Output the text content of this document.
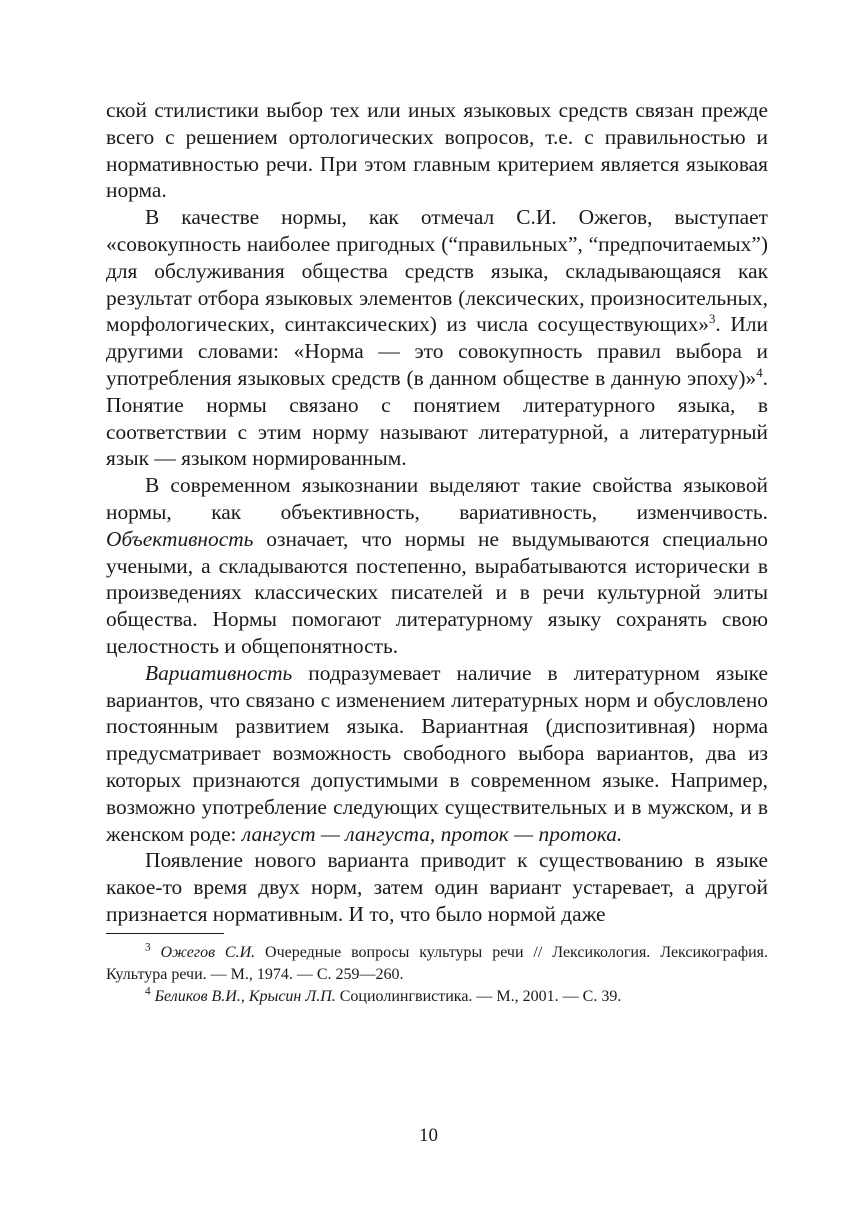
ской стилистики выбор тех или иных языковых средств связан прежде всего с решением ортологических вопросов, т.е. с правильностью и нормативностью речи. При этом главным критерием является языковая норма.

В качестве нормы, как отмечал С.И. Ожегов, выступает «совокупность наиболее пригодных (“правильных”, “предпочитаемых”) для обслуживания общества средств языка, складывающаяся как результат отбора языковых элементов (лексических, произносительных, морфологических, синтаксических) из числа сосуществующих»$^3$. Или другими словами: «Норма — это совокупность правил выбора и употребления языковых средств (в данном обществе в данную эпоху)»$^4$. Понятие нормы связано с понятием литературного языка, в соответствии с этим норму называют литературной, а литературный язык — языком нормированным.

В современном языкознании выделяют такие свойства языковой нормы, как объективность, вариативность, изменчивость. Объективность означает, что нормы не выдумываются специально учеными, а складываются постепенно, вырабатываются исторически в произведениях классических писателей и в речи культурной элиты общества. Нормы помогают литературному языку сохранять свою целостность и общепонятность.

Вариативность подразумевает наличие в литературном языке вариантов, что связано с изменением литературных норм и обусловлено постоянным развитием языка. Вариантная (диспозитивная) норма предусматривает возможность свободного выбора вариантов, два из которых признаются допустимыми в современном языке. Например, возможно употребление следующих существительных и в мужском, и в женском роде: лангуст — лангуста, проток — протока.

Появление нового варианта приводит к существованию в языке какое-то время двух норм, затем один вариант устаревает, а другой признается нормативным. И то, что было нормой даже

$^3$ Ожегов С.И. Очередные вопросы культуры речи // Лексикология. Лексикография. Культура речи. — М., 1974. — С. 259—260.

$^4$ Беликов В.И., Крысин Л.П. Социолингвистика. — М., 2001. — С. 39.

10
